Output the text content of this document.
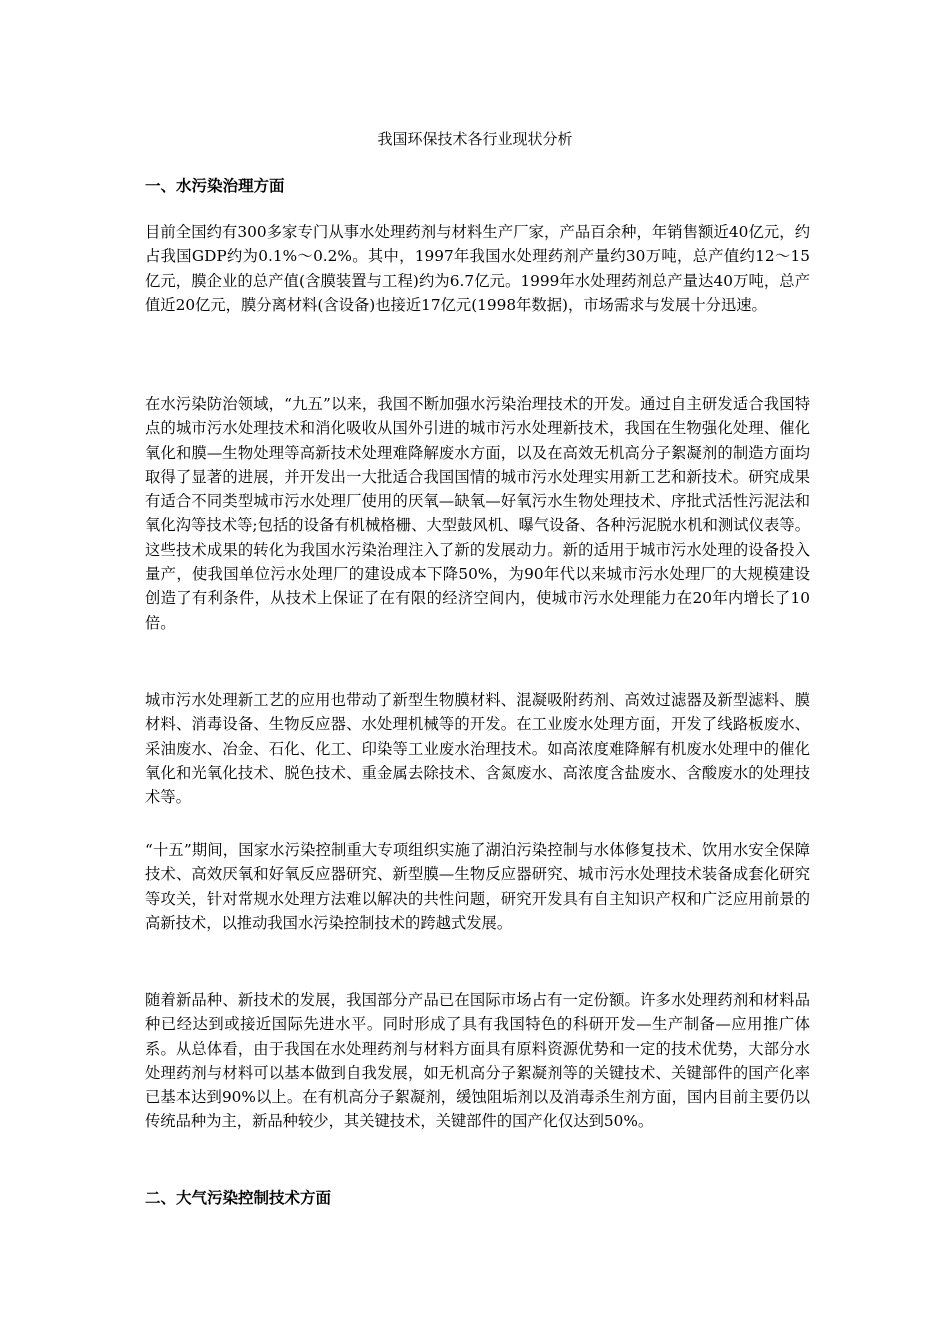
我国环保技术各行业现状分析
一、水污染治理方面

目前全国约有300多家专门从事水处理药剂与材料生产厂家，产品百余种，年销售额近40亿元，约占我国GDP约为0.1%～0.2%。其中，1997年我国水处理药剂产量约30万吨，总产值约12～15亿元，膜企业的总产值(含膜装置与工程)约为6.7亿元。1999年水处理药剂总产量达40万吨，总产值近20亿元，膜分离材料(含设备)也接近17亿元(1998年数据)，市场需求与发展十分迅速。

在水污染防治领域，“九五”以来，我国不断加强水污染治理技术的开发。通过自主研发适合我国特点的城市污水处理技术和消化吸收从国外引进的城市污水处理新技术，我国在生物强化处理、催化氧化和膜—生物处理等高新技术处理难降解废水方面，以及在高效无机高分子絮凝剂的制造方面均取得了显著的进展，并开发出一大批适合我国国情的城市污水处理实用新工艺和新技术。研究成果有适合不同类型城市污水处理厂使用的厌氧—缺氧—好氧污水生物处理技术、序批式活性污泥法和氧化沟等技术等;包括的设备有机械格栅、大型鼓风机、曝气设备、各种污泥脱水机和测试仪表等。这些技术成果的转化为我国水污染治理注入了新的发展动力。新的适用于城市污水处理的设备投入量产，使我国单位污水处理厂的建设成本下降50%，为90年代以来城市污水处理厂的大规模建设创造了有利条件，从技术上保证了在有限的经济空间内，使城市污水处理能力在20年内增长了10倍。

城市污水处理新工艺的应用也带动了新型生物膜材料、混凝吸附药剂、高效过滤器及新型滤料、膜材料、消毒设备、生物反应器、水处理机械等的开发。在工业废水处理方面，开发了线路板废水、采油废水、冶金、石化、化工、印染等工业废水治理技术。如高浓度难降解有机废水处理中的催化氧化和光氧化技术、脱色技术、重金属去除技术、含氮废水、高浓度含盐废水、含酸废水的处理技术等。

“十五”期间，国家水污染控制重大专项组织实施了湖泊污染控制与水体修复技术、饮用水安全保障技术、高效厌氧和好氧反应器研究、新型膜—生物反应器研究、城市污水处理技术装备成套化研究等攻关，针对常规水处理方法难以解决的共性问题，研究开发具有自主知识产权和广泛应用前景的高新技术，以推动我国水污染控制技术的跨越式发展。

随着新品种、新技术的发展，我国部分产品已在国际市场占有一定份额。许多水处理药剂和材料品种已经达到或接近国际先进水平。同时形成了具有我国特色的科研开发—生产制备—应用推广体系。从总体看，由于我国在水处理药剂与材料方面具有原料资源优势和一定的技术优势，大部分水处理药剂与材料可以基本做到自我发展，如无机高分子絮凝剂等的关键技术、关键部件的国产化率已基本达到90%以上。在有机高分子絮凝剂，缓蚀阻垢剂以及消毒杀生剂方面，国内目前主要仍以传统品种为主，新品种较少，其关键技术，关键部件的国产化仅达到50%。

二、大气污染控制技术方面
